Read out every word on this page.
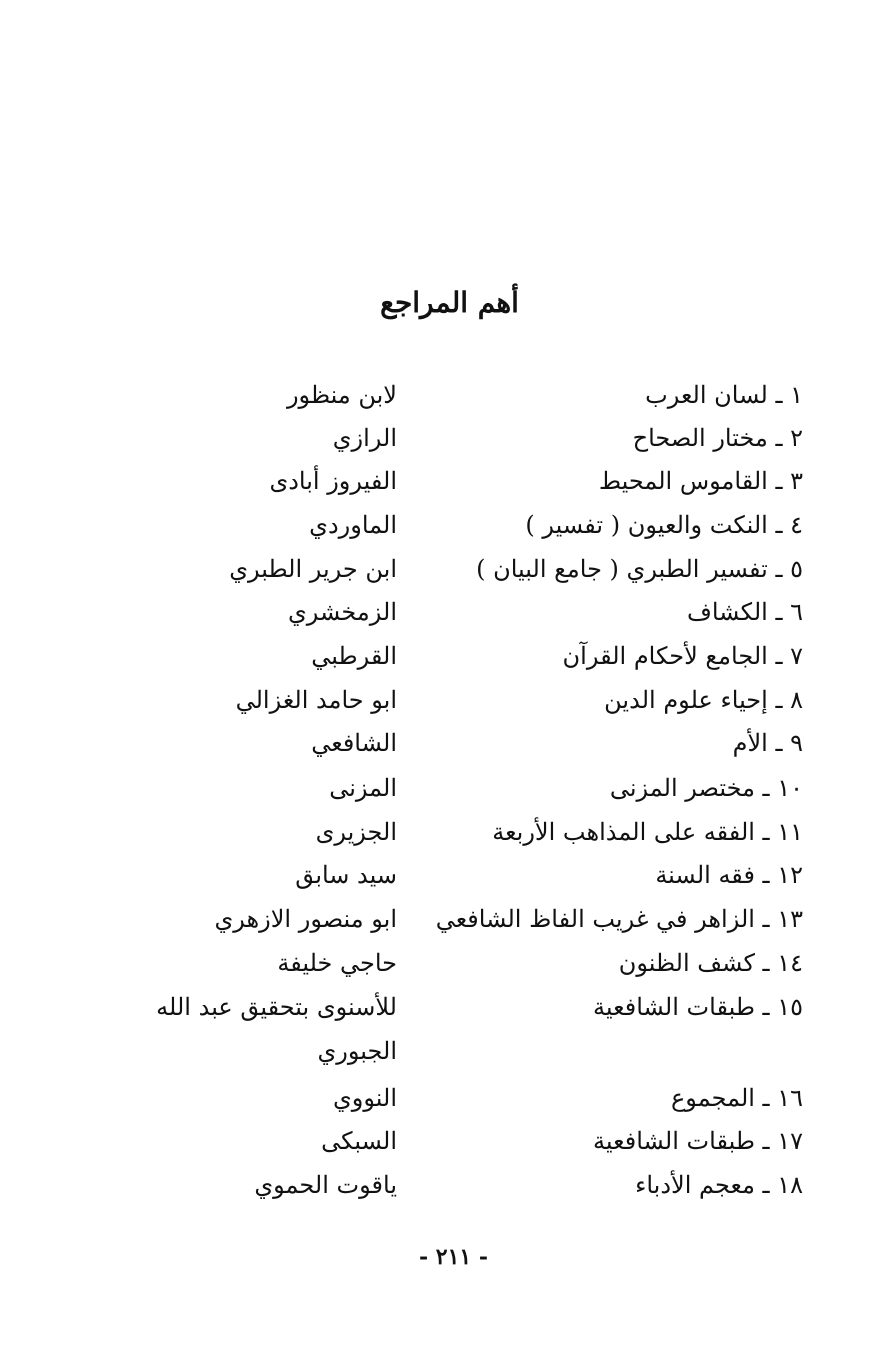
أهم المراجع
١ ـ لسان العرب
لابن منظور
٢ ـ مختار الصحاح
الرازي
٣ ـ القاموس المحيط
الفيروز أبادى
٤ ـ النكت والعيون ( تفسير )
الماوردي
٥ ـ تفسير الطبري ( جامع البيان )
ابن جرير الطبري
٦ ـ الكشاف
الزمخشري
٧ ـ الجامع لأحكام القرآن
القرطبي
٨ ـ إحياء علوم الدين
ابو حامد الغزالي
٩ ـ الأم
الشافعي
١٠ ـ مختصر المزنى
المزنى
١١ ـ الفقه على المذاهب الأربعة
الجزيرى
١٢ ـ فقه السنة
سيد سابق
١٣ ـ الزاهر في غريب الفاظ الشافعي
ابو منصور الازهري
١٤ ـ كشف الظنون
حاجي خليفة
١٥ ـ طبقات الشافعية
للأسنوى بتحقيق عبد الله
الجبوري
١٦ ـ المجموع
النووي
١٧ ـ طبقات الشافعية
السبكى
١٨ ـ معجم الأدباء
ياقوت الحموي
- ٢١١ -
